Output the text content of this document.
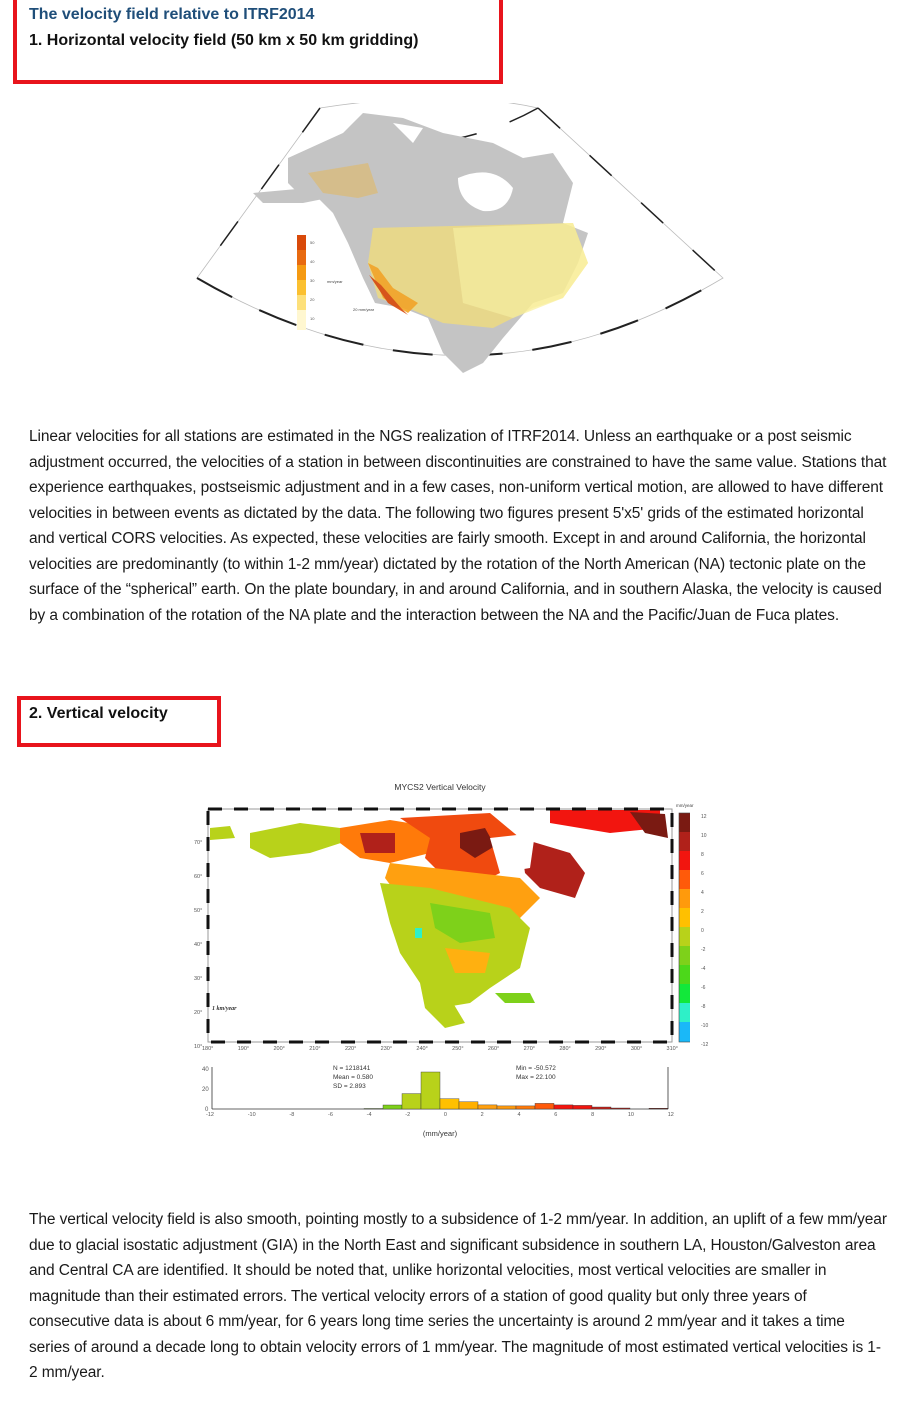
The velocity field relative to ITRF2014
1. Horizontal velocity field (50 km x 50 km gridding)
50
40
30
20
10
mm/year
20 mm/year
Linear velocities for all stations are estimated in the NGS realization of ITRF2014. Unless an earthquake or a post seismic adjustment occurred, the velocities of a station in between discontinuities are constrained to have the same value. Stations that experience earthquakes, postseismic adjustment and in a few cases, non-uniform vertical motion, are allowed to have different velocities in between events as dictated by the data. The following two figures present 5'x5' grids of the estimated horizontal and vertical CORS velocities. As expected, these velocities are fairly smooth. Except in and around California, the horizontal velocities are predominantly (to within 1-2 mm/year) dictated by the rotation of the North American (NA) tectonic plate on the surface of the “spherical” earth. On the plate boundary, in and around California, and in southern Alaska, the velocity is caused by a combination of the rotation of the NA plate and the interaction between the NA and the Pacific/Juan de Fuca plates.
2. Vertical velocity
MYCS2 Vertical Velocity
40
20
0
70°
60°
50°
40°
30°
20°
10° 180°	190°	200°	210°	220°	230°	240°	250°	260°	270°	280°	290°	300°	310°
1 km/year
mm/year
12
10
8
6
4
2
0
-2
-4
-6
-8
-10
-12
N = 1218141
Mean = 0.580
SD = 2.893
Min = -50.572
Max = 22.100
-12	-10	-8	-6	-4	-2	0	2	4	6	8	10	12
(mm/year)
The vertical velocity field is also smooth, pointing mostly to a subsidence of 1-2 mm/year. In addition, an uplift of a few mm/year due to glacial isostatic adjustment (GIA) in the North East and significant subsidence in southern LA, Houston/Galveston area and Central CA are identified. It should be noted that, unlike horizontal velocities, most vertical velocities are smaller in magnitude than their estimated errors. The vertical velocity errors of a station of good quality but only three years of consecutive data is about 6 mm/year, for 6 years long time series the uncertainty is around 2 mm/year and it takes a time series of around a decade long to obtain velocity errors of 1 mm/year. The magnitude of most estimated vertical velocities is 1-2 mm/year.
